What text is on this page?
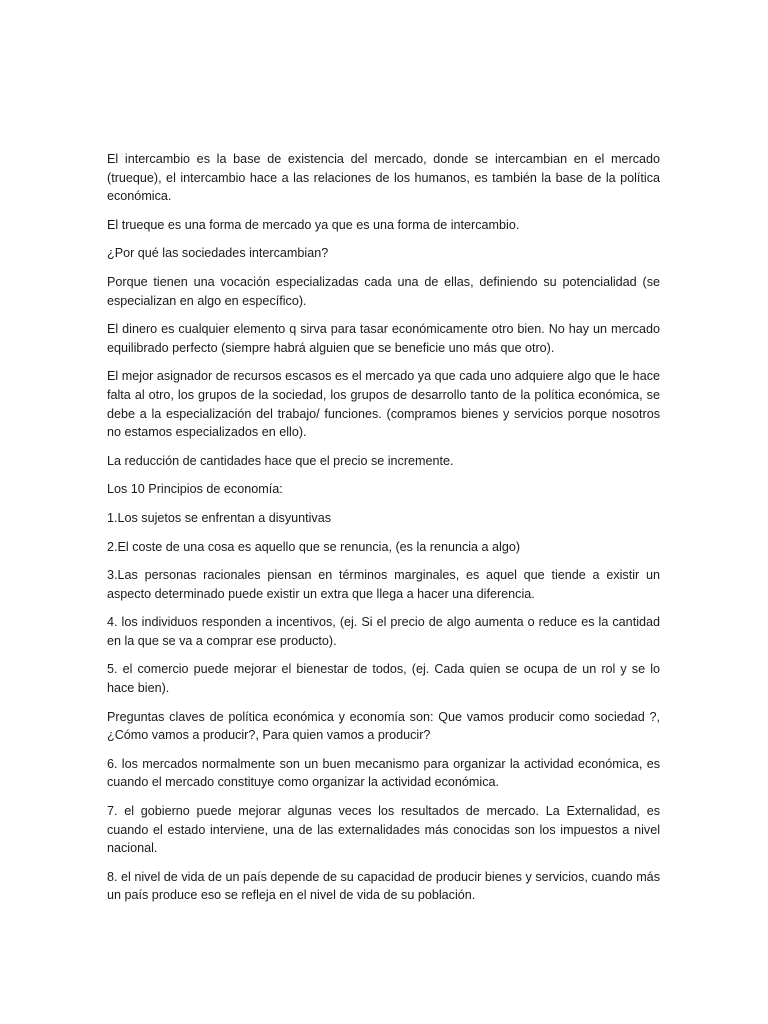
El intercambio es la base de existencia del mercado, donde se intercambian en el mercado (trueque), el intercambio hace a las relaciones de los humanos, es también la base de la política económica.

El trueque es una forma de mercado ya que es una forma de intercambio.

¿Por qué las sociedades intercambian?

Porque tienen una vocación especializadas cada una de ellas, definiendo su potencialidad (se especializan en algo en específico).

El dinero es cualquier elemento q sirva para tasar económicamente otro bien. No hay un mercado equilibrado perfecto (siempre habrá alguien que se beneficie uno más que otro).

El mejor asignador de recursos escasos es el mercado ya que cada uno adquiere algo que le hace falta al otro, los grupos de la sociedad, los grupos de desarrollo tanto de la política económica, se debe a la especialización del trabajo/ funciones. (compramos bienes y servicios porque nosotros no estamos especializados en ello).

La reducción de cantidades hace que el precio se incremente.

Los 10 Principios de economía:

1.Los sujetos se enfrentan a disyuntivas

2.El coste de una cosa es aquello que se renuncia, (es la renuncia a algo)

3.Las personas racionales piensan en términos marginales, es aquel que tiende a existir un aspecto determinado puede existir un extra que llega a hacer una diferencia.

4. los individuos responden a incentivos, (ej. Si el precio de algo aumenta o reduce es la cantidad en la que se va a comprar ese producto).

5. el comercio puede mejorar el bienestar de todos, (ej. Cada quien se ocupa de un rol y se lo hace bien).

Preguntas claves de política económica y economía son: Que vamos producir como sociedad ?, ¿Cómo vamos a producir?, Para quien vamos a producir?

6. los mercados normalmente son un buen mecanismo para organizar la actividad económica, es cuando el mercado constituye como organizar la actividad económica.

7. el gobierno puede mejorar algunas veces los resultados de mercado. La Externalidad, es cuando el estado interviene, una de las externalidades más conocidas son los impuestos a nivel nacional.

8. el nivel de vida de un país depende de su capacidad de producir bienes y servicios, cuando más un país produce eso se refleja en el nivel de vida de su población.
